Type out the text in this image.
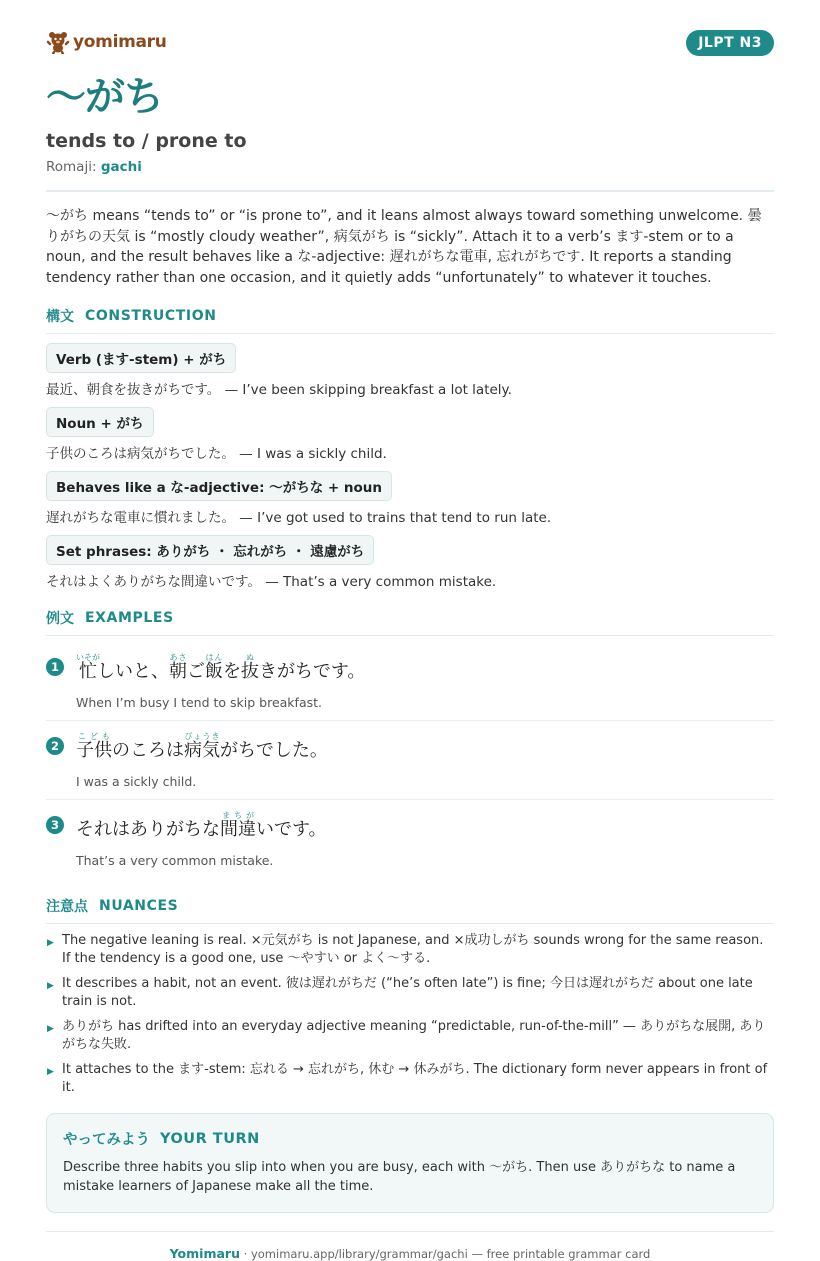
yomimaru	JLPT N3
〜がち
tends to / prone to
Romaji: gachi
〜がち means “tends to” or “is prone to”, and it leans almost always toward something unwelcome. 曇りがちの天気 is “mostly cloudy weather”, 病気がち is “sickly”. Attach it to a verb’s ます-stem or to a noun, and the result behaves like a な-adjective: 遅れがちな電車, 忘れがちです. It reports a standing tendency rather than one occasion, and it quietly adds “unfortunately” to whatever it touches.
構文 CONSTRUCTION
Verb (ます-stem) + がち
最近、朝食を抜きがちです。 — I’ve been skipping breakfast a lot lately.
Noun + がち
子供のころは病気がちでした。 — I was a sickly child.
Behaves like a な-adjective: 〜がちな + noun
遅れがちな電車に慣れました。 — I’ve got used to trains that tend to run late.
Set phrases: ありがち ・ 忘れがち ・ 遠慮がち
それはよくありがちな間違いです。 — That’s a very common mistake.
例文 EXAMPLES
1 忙いそがしいと、朝あさご飯はんを抜ぬきがちです。
When I’m busy I tend to skip breakfast.
2 子供こどものころは病気びょうきがちでした。
I was a sickly child.
3 それはありがちな間違まちがいです。
That’s a very common mistake.
注意点 NUANCES
▶ The negative leaning is real. ×元気がち is not Japanese, and ×成功しがち sounds wrong for the same reason. If the tendency is a good one, use 〜やすい or よく〜する.
▶ It describes a habit, not an event. 彼は遅れがちだ (“he’s often late”) is fine; 今日は遅れがちだ about one late train is not.
▶ ありがち has drifted into an everyday adjective meaning “predictable, run-of-the-mill” — ありがちな展開, ありがちな失敗.
▶ It attaches to the ます-stem: 忘れる → 忘れがち, 休む → 休みがち. The dictionary form never appears in front of it.
やってみよう YOUR TURN
Describe three habits you slip into when you are busy, each with 〜がち. Then use ありがちな to name a mistake learners of Japanese make all the time.
Yomimaru · yomimaru.app/library/grammar/gachi — free printable grammar card
